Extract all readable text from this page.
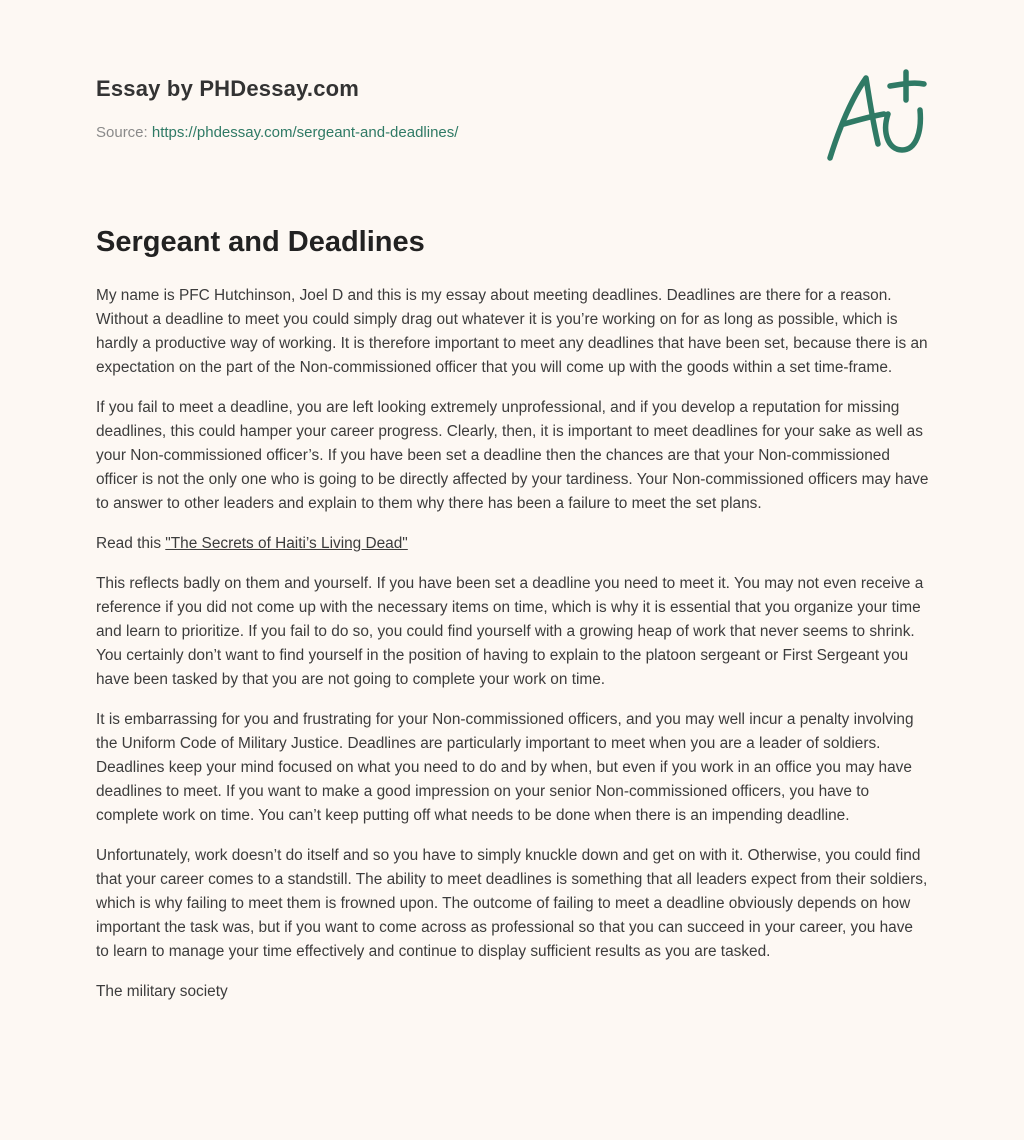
Essay by PHDessay.com
Source: https://phdessay.com/sergeant-and-deadlines/
Sergeant and Deadlines

My name is PFC Hutchinson, Joel D and this is my essay about meeting deadlines. Deadlines are there for a reason. Without a deadline to meet you could simply drag out whatever it is you’re working on for as long as possible, which is hardly a productive way of working. It is therefore important to meet any deadlines that have been set, because there is an expectation on the part of the Non-commissioned officer that you will come up with the goods within a set time-frame.

If you fail to meet a deadline, you are left looking extremely unprofessional, and if you develop a reputation for missing deadlines, this could hamper your career progress. Clearly, then, it is important to meet deadlines for your sake as well as your Non-commissioned officer’s. If you have been set a deadline then the chances are that your Non-commissioned officer is not the only one who is going to be directly affected by your tardiness. Your Non-commissioned officers may have to answer to other leaders and explain to them why there has been a failure to meet the set plans.

Read this "The Secrets of Haiti’s Living Dead"

This reflects badly on them and yourself. If you have been set a deadline you need to meet it. You may not even receive a reference if you did not come up with the necessary items on time, which is why it is essential that you organize your time and learn to prioritize. If you fail to do so, you could find yourself with a growing heap of work that never seems to shrink. You certainly don’t want to find yourself in the position of having to explain to the platoon sergeant or First Sergeant you have been tasked by that you are not going to complete your work on time.

It is embarrassing for you and frustrating for your Non-commissioned officers, and you may well incur a penalty involving the Uniform Code of Military Justice. Deadlines are particularly important to meet when you are a leader of soldiers. Deadlines keep your mind focused on what you need to do and by when, but even if you work in an office you may have deadlines to meet. If you want to make a good impression on your senior Non-commissioned officers, you have to complete work on time. You can’t keep putting off what needs to be done when there is an impending deadline.

Unfortunately, work doesn’t do itself and so you have to simply knuckle down and get on with it. Otherwise, you could find that your career comes to a standstill. The ability to meet deadlines is something that all leaders expect from their soldiers, which is why failing to meet them is frowned upon. The outcome of failing to meet a deadline obviously depends on how important the task was, but if you want to come across as professional so that you can succeed in your career, you have to learn to manage your time effectively and continue to display sufficient results as you are tasked.

The military society
